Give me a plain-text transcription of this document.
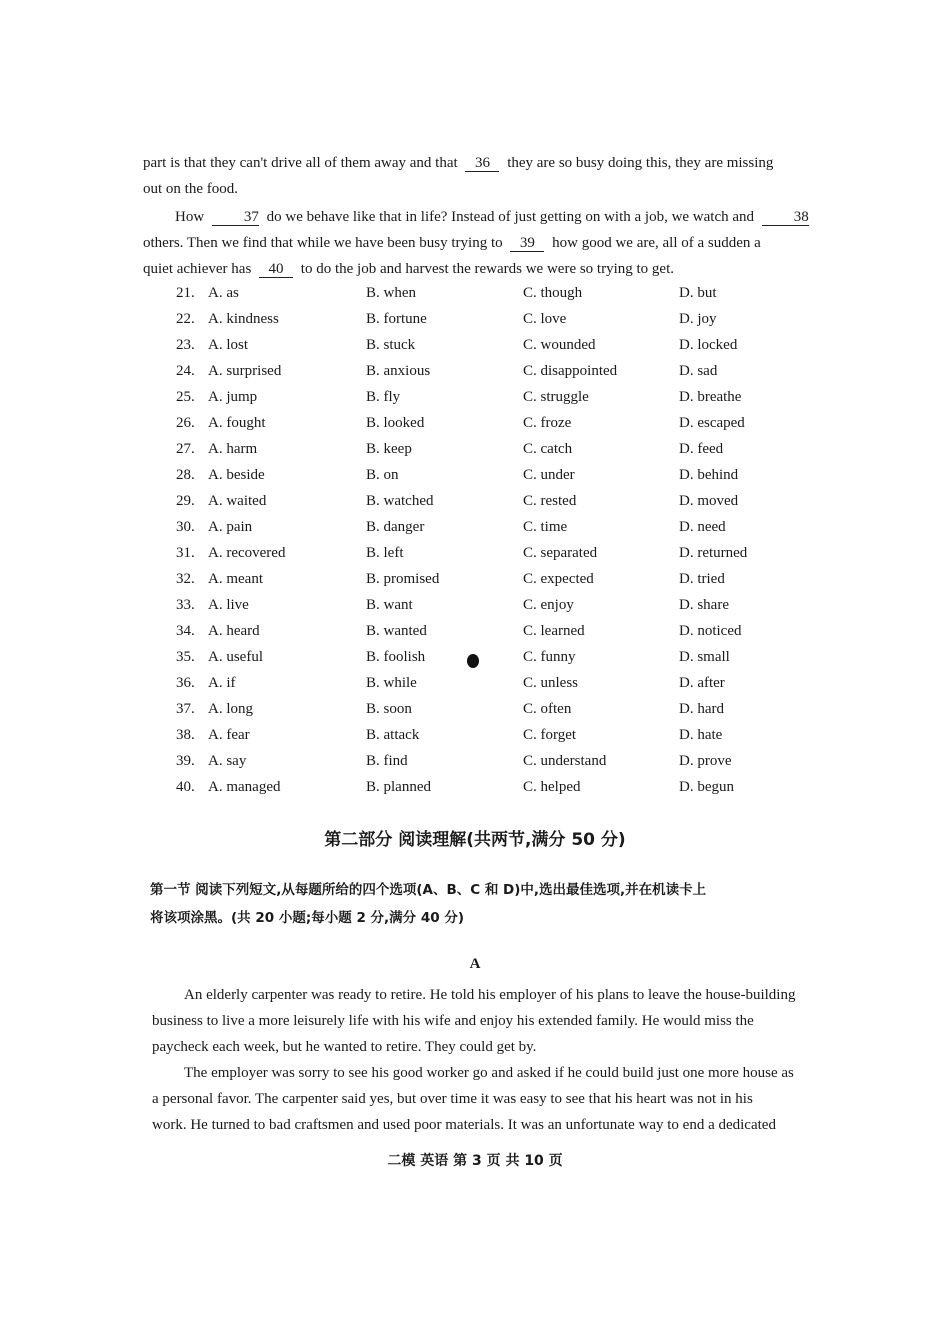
part is that they can't drive all of them away and that 36 they are so busy doing this, they are missing
out on the food.
How 37 do we behave like that in life? Instead of just getting on with a job, we watch and 38
others. Then we find that while we have been busy trying to 39 how good we are, all of a sudden a
quiet achiever has 40 to do the job and harvest the rewards we were so trying to get.
21. A. as	B. when	C. though	D. but
22. A. kindness	B. fortune	C. love	D. joy
23. A. lost	B. stuck	C. wounded	D. locked
24. A. surprised	B. anxious	C. disappointed	D. sad
25. A. jump	B. fly	C. struggle	D. breathe
26. A. fought	B. looked	C. froze	D. escaped
27. A. harm	B. keep	C. catch	D. feed
28. A. beside	B. on	C. under	D. behind
29. A. waited	B. watched	C. rested	D. moved
30. A. pain	B. danger	C. time	D. need
31. A. recovered	B. left	C. separated	D. returned
32. A. meant	B. promised	C. expected	D. tried
33. A. live	B. want	C. enjoy	D. share
34. A. heard	B. wanted	C. learned	D. noticed
35. A. useful	B. foolish	C. funny	D. small
36. A. if	B. while	C. unless	D. after
37. A. long	B. soon	C. often	D. hard
38. A. fear	B. attack	C. forget	D. hate
39. A. say	B. find	C. understand	D. prove
40. A. managed	B. planned	C. helped	D. begun
第二部分 阅读理解(共两节,满分 50 分)
第一节 阅读下列短文,从每题所给的四个选项(A、B、C 和 D)中,选出最佳选项,并在机读卡上
将该项涂黑。(共 20 小题;每小题 2 分,满分 40 分)
A
An elderly carpenter was ready to retire. He told his employer of his plans to leave the house-building
business to live a more leisurely life with his wife and enjoy his extended family. He would miss the
paycheck each week, but he wanted to retire. They could get by.
The employer was sorry to see his good worker go and asked if he could build just one more house as
a personal favor. The carpenter said yes, but over time it was easy to see that his heart was not in his
work. He turned to bad craftsmen and used poor materials. It was an unfortunate way to end a dedicated
二模 英语 第 3 页 共 10 页
